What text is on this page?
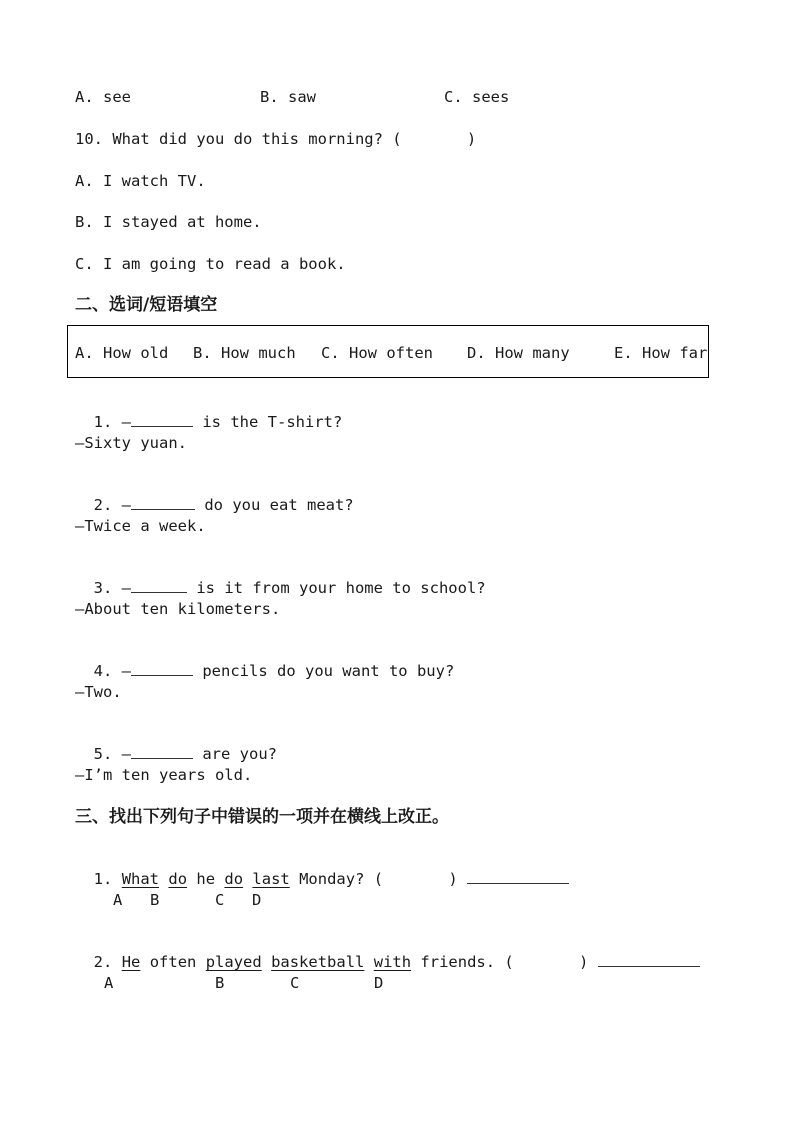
A. see	B. saw	C. sees
10. What did you do this morning? (       )
A. I watch TV.
B. I stayed at home.
C. I am going to read a book.
二、选词/短语填空
A. How old B. How much C. How often D. How many	E. How far

1. —	is the T-shirt?

—Sixty yuan.

2. —	do you eat meat?

—Twice a week.

3. —	is it from your home to school?

—About ten kilometers.

4. —	pencils do you want to buy?

—Two.

5. —	are you?

—I’m ten years old.
三、找出下列句子中错误的一项并在横线上改正。

1. What do he do last Monday? (       )

A B	C D

2. He often played basketball with friends. (       )

A	B	C	D
